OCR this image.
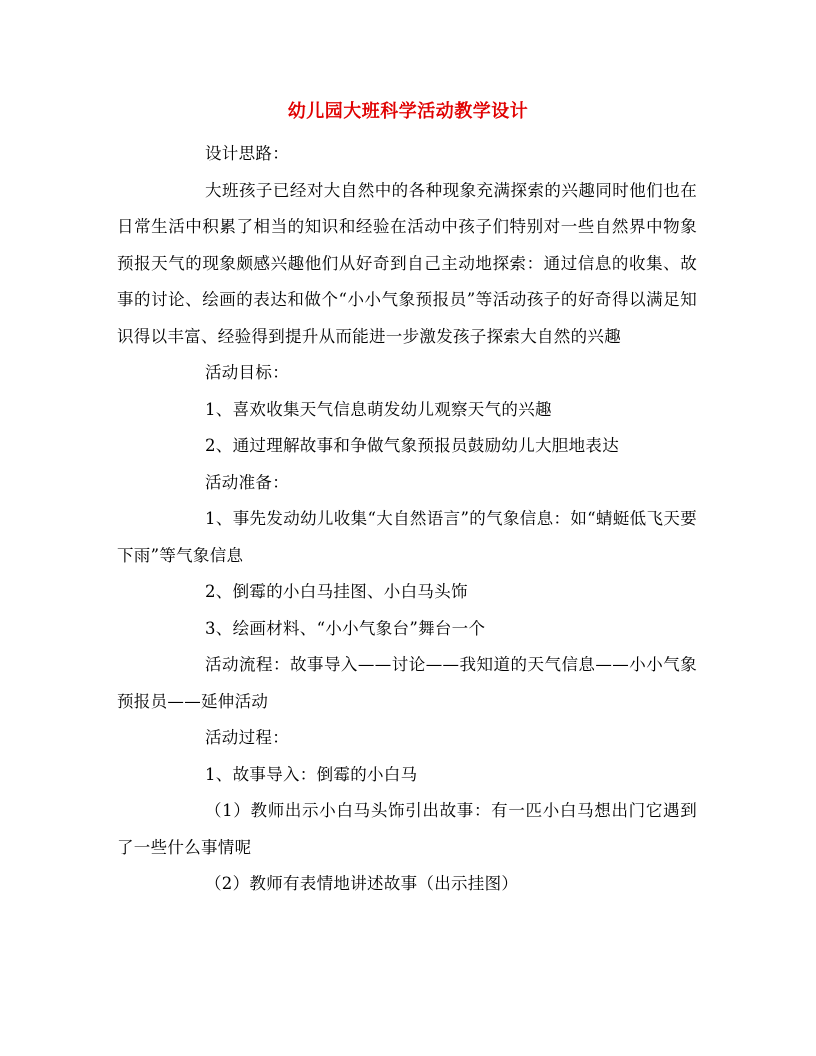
幼儿园大班科学活动教学设计

设计思路：

大班孩子已经对大自然中的各种现象充满探索的兴趣同时他们也在日常生活中积累了相当的知识和经验在活动中孩子们特别对一些自然界中物象预报天气的现象颇感兴趣他们从好奇到自己主动地探索：通过信息的收集、故事的讨论、绘画的表达和做个“小小气象预报员”等活动孩子的好奇得以满足知识得以丰富、经验得到提升从而能进一步激发孩子探索大自然的兴趣

活动目标：

1、喜欢收集天气信息萌发幼儿观察天气的兴趣

2、通过理解故事和争做气象预报员鼓励幼儿大胆地表达

活动准备：

1、事先发动幼儿收集“大自然语言”的气象信息：如“蜻蜓低飞天要下雨”等气象信息

2、倒霉的小白马挂图、小白马头饰

3、绘画材料、“小小气象台”舞台一个

活动流程：故事导入——讨论——我知道的天气信息——小小气象预报员——延伸活动

活动过程：

1、故事导入：倒霉的小白马

（1）教师出示小白马头饰引出故事：有一匹小白马想出门它遇到了一些什么事情呢

（2）教师有表情地讲述故事（出示挂图）
